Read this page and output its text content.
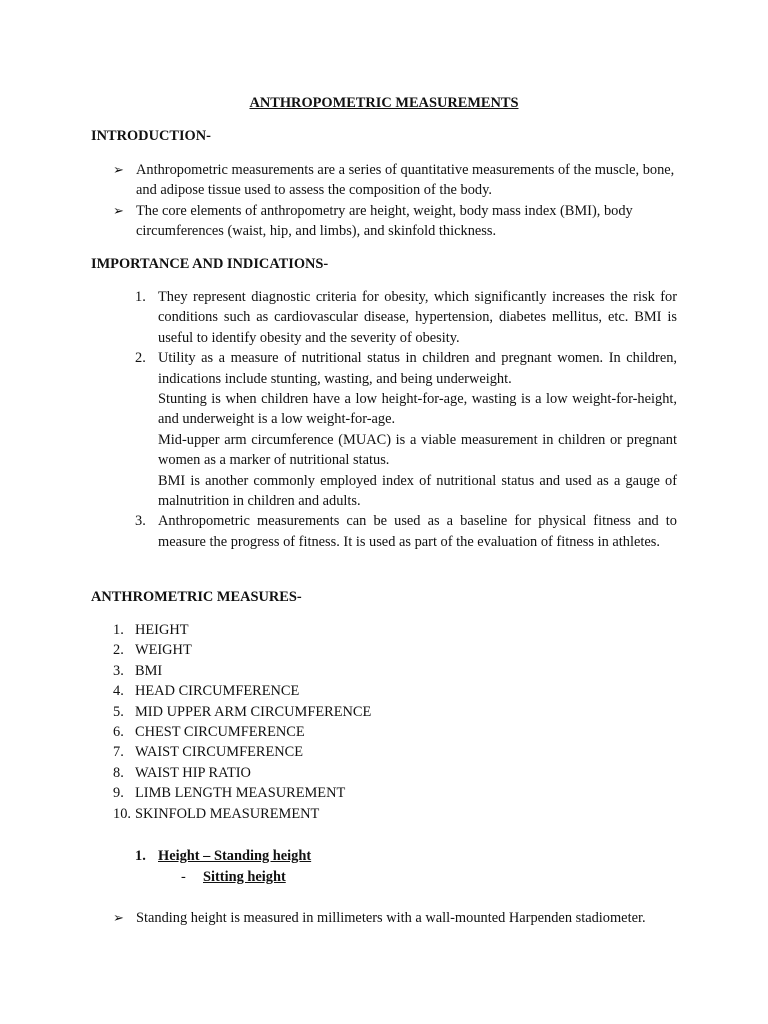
ANTHROPOMETRIC MEASUREMENTS
INTRODUCTION-
➢ Anthropometric measurements are a series of quantitative measurements of the muscle, bone, and adipose tissue used to assess the composition of the body.
➢ The core elements of anthropometry are height, weight, body mass index (BMI), body circumferences (waist, hip, and limbs), and skinfold thickness.
IMPORTANCE AND INDICATIONS-
1. They represent diagnostic criteria for obesity, which significantly increases the risk for conditions such as cardiovascular disease, hypertension, diabetes mellitus, etc. BMI is useful to identify obesity and the severity of obesity.

2. Utility as a measure of nutritional status in children and pregnant women. In children, indications include stunting, wasting, and being underweight.

Stunting is when children have a low height-for-age, wasting is a low weight-for-height, and underweight is a low weight-for-age.

Mid-upper arm circumference (MUAC) is a viable measurement in children or pregnant women as a marker of nutritional status.

BMI is another commonly employed index of nutritional status and used as a gauge of malnutrition in children and adults.

3. Anthropometric measurements can be used as a baseline for physical fitness and to measure the progress of fitness. It is used as part of the evaluation of fitness in athletes.

ANTHROMETRIC MEASURES-
1. HEIGHT
2. WEIGHT
3. BMI
4. HEAD CIRCUMFERENCE
5. MID UPPER ARM CIRCUMFERENCE
6. CHEST CIRCUMFERENCE
7. WAIST CIRCUMFERENCE
8. WAIST HIP RATIO
9. LIMB LENGTH MEASUREMENT
10. SKINFOLD MEASUREMENT
1. Height – Standing height
- Sitting height
➢ Standing height is measured in millimeters with a wall-mounted Harpenden stadiometer.
